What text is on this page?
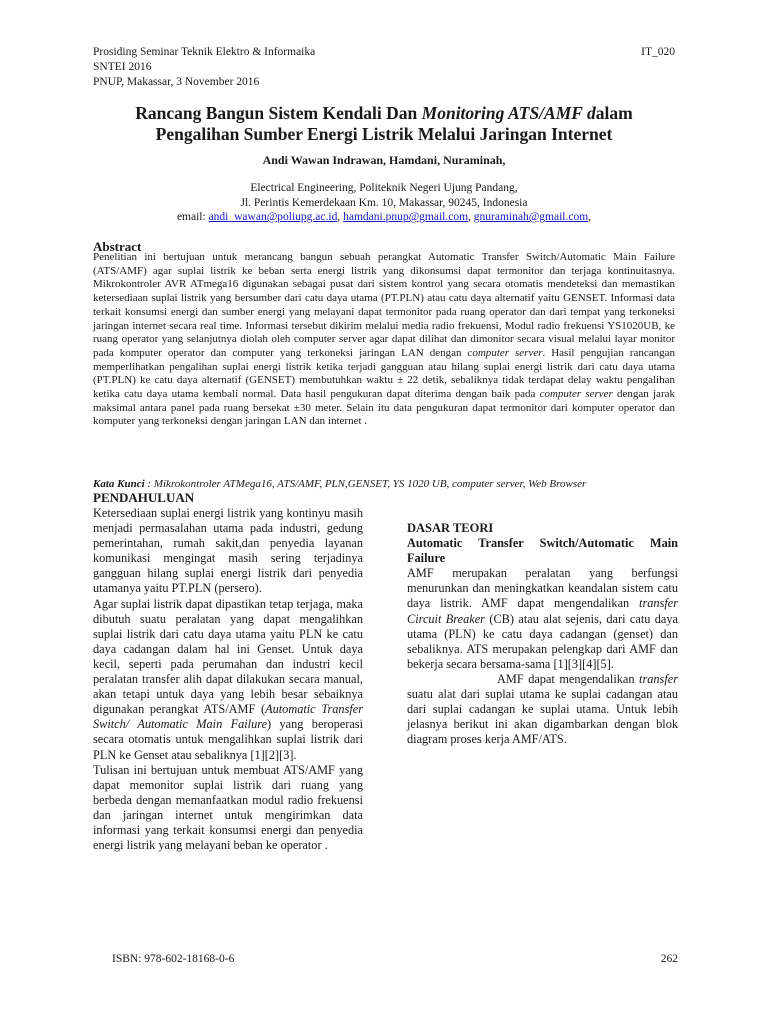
Prosiding Seminar Teknik Elektro & Informaika
SNTEI 2016
PNUP, Makassar, 3 November 2016
IT_020
Rancang Bangun Sistem Kendali Dan Monitoring ATS/AMF dalam
Pengalihan Sumber Energi Listrik Melalui Jaringan Internet
Andi Wawan Indrawan, Hamdani, Nuraminah,
Electrical Engineering, Politeknik Negeri Ujung Pandang,
Jl. Perintis Kemerdekaan Km. 10, Makassar, 90245, Indonesia
email: andi_wawan@poliupg.ac.id, hamdani.pnup@gmail.com, gnuraminah@gmail.com,
Abstract
Penelitian ini bertujuan untuk merancang bangun sebuah perangkat Automatic Transfer Switch/Automatic Main Failure (ATS/AMF) agar suplai listrik ke beban serta energi listrik yang dikonsumsi dapat termonitor dan terjaga kontinuitasnya. Mikrokontroler AVR ATmega16 digunakan sebagai pusat dari sistem kontrol yang secara otomatis mendeteksi dan memastikan ketersediaan suplai listrik yang bersumber dari catu daya utama (PT.PLN) atau catu daya alternatif yaitu GENSET. Informasi data terkait konsumsi energi dan sumber energi yang melayani dapat termonitor pada ruang operator dan dari tempat yang terkoneksi jaringan internet secara real time. Informasi tersebut dikirim melalui media radio frekuensi, Modul radio frekuensi YS1020UB, ke ruang operator yang selanjutnya diolah oleh computer server agar dapat dilihat dan dimonitor secara visual melalui layar monitor pada komputer operator dan computer yang terkoneksi jaringan LAN dengan computer server. Hasil pengujian rancangan memperlihatkan pengalihan suplai energi listrik ketika terjadi gangguan atau hilang suplai energi listrik dari catu daya utama (PT.PLN) ke catu daya alternatif (GENSET) membutuhkan waktu ± 22 detik, sebaliknya tidak terdapat delay waktu pengalihan ketika catu daya utama kembali normal. Data hasil pengukuran dapat diterima dengan baik pada computer server dengan jarak maksimal antara panel pada ruang bersekat ±30 meter. Selain itu data pengukuran dapat termonitor dari komputer operator dan komputer yang terkoneksi dengan jaringan LAN dan internet .
Kata Kunci : Mikrokontroler ATMega16, ATS/AMF, PLN,GENSET, YS 1020 UB, computer server, Web Browser
PENDAHULUAN

Ketersediaan suplai energi listrik yang kontinyu masih menjadi permasalahan utama pada industri, gedung pemerintahan, rumah sakit,dan penyedia layanan komunikasi mengingat masih sering terjadinya gangguan hilang suplai energi listrik dari penyedia utamanya yaitu PT.PLN (persero).

Agar suplai listrik dapat dipastikan tetap terjaga, maka dibutuh suatu peralatan yang dapat mengalihkan suplai listrik dari catu daya utama yaitu PLN ke catu daya cadangan dalam hal ini Genset. Untuk daya kecil, seperti pada perumahan dan industri kecil peralatan transfer alih dapat dilakukan secara manual, akan tetapi untuk daya yang lebih besar sebaiknya digunakan perangkat ATS/AMF (Automatic Transfer Switch/ Automatic Main Failure) yang beroperasi secara otomatis untuk mengalihkan suplai listrik dari PLN ke Genset atau sebaliknya [1][2][3].

Tulisan ini bertujuan untuk membuat ATS/AMF yang dapat memonitor suplai listrik dari ruang yang berbeda dengan memanfaatkan modul radio frekuensi dan jaringan internet untuk mengirimkan data informasi yang terkait konsumsi energi dan penyedia energi listrik yang melayani beban ke operator .

DASAR TEORI
Automatic Transfer Switch/Automatic Main Failure

AMF merupakan peralatan yang berfungsi menurunkan dan meningkatkan keandalan sistem catu daya listrik. AMF dapat mengendalikan transfer Circuit Breaker (CB) atau alat sejenis, dari catu daya utama (PLN) ke catu daya cadangan (genset) dan sebaliknya. ATS merupakan pelengkap dari AMF dan bekerja secara bersama-sama [1][3][4][5].

AMF dapat mengendalikan transfer suatu alat dari suplai utama ke suplai cadangan atau dari suplai cadangan ke suplai utama. Untuk lebih jelasnya berikut ini akan digambarkan dengan blok diagram proses kerja AMF/ATS.

ISBN: 978-602-18168-0-6	262
